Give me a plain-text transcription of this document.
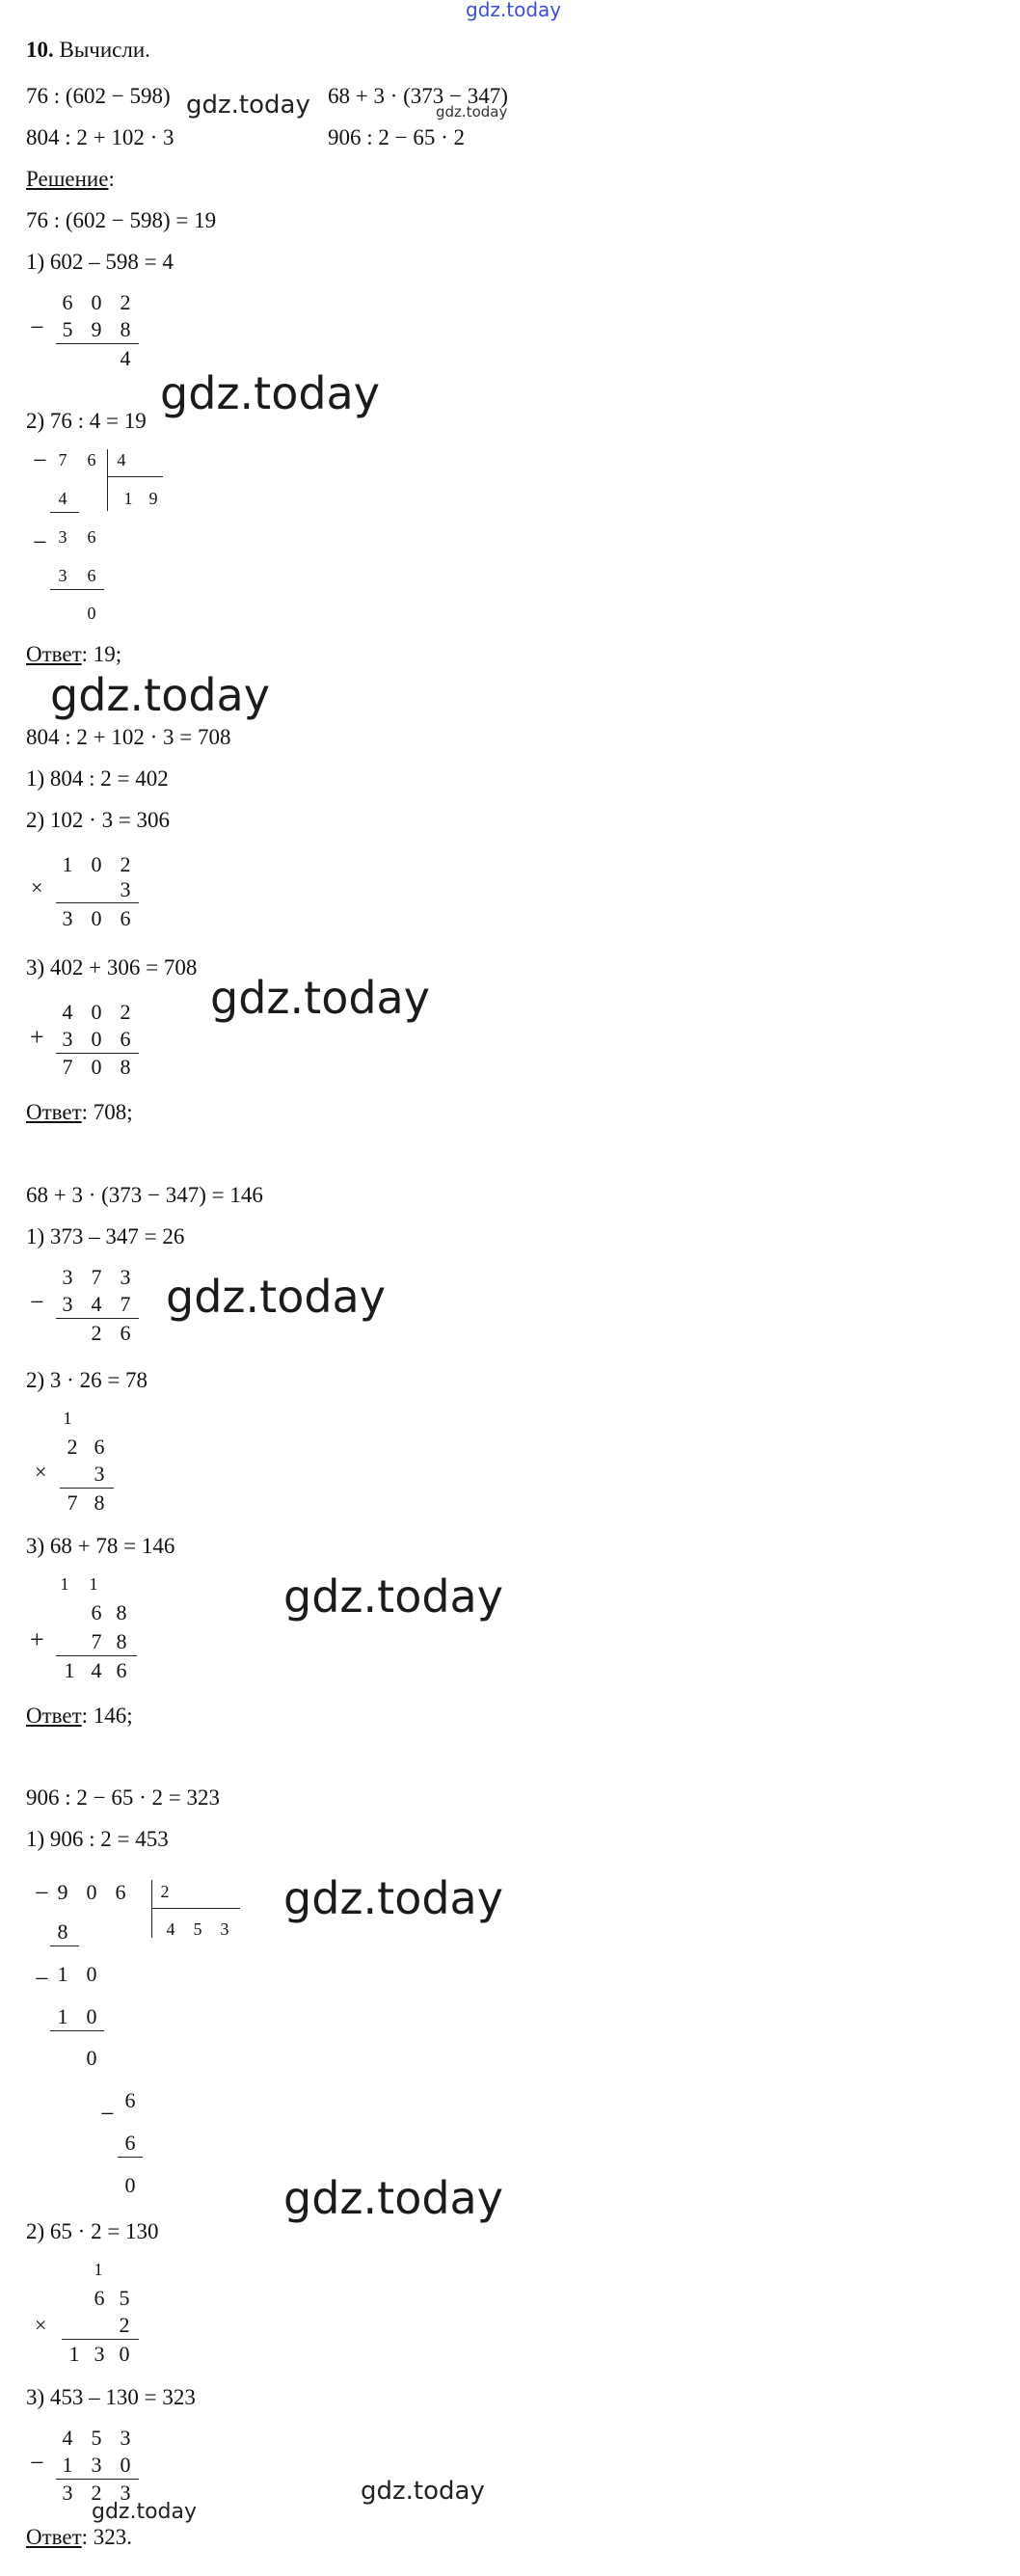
gdz.today
10. Вычисли.
76 : (602 − 598)	68 + 3 · (373 − 347)
804 : 2 + 102 · 3	906 : 2 − 65 · 2
gdz.today	gdz.today
Решение:
76 : (602 − 598) = 19
1) 602 – 598 = 4
6 0 2
− 5 9 8
4
2) 76 : 4 = 19
gdz.today
− 7	6	4
1 9
4
− 3	6
3	6
0
Ответ: 19;
gdz.today
804 : 2 + 102 · 3 = 708
1) 804 : 2 = 402
2) 102 · 3 = 306
1 0 2
×	3
3 0 6
3) 402 + 306 = 708
gdz.today
4 0 2
+ 3 0 6
7 0 8
Ответ: 708;
68 + 3 · (373 − 347) = 146
1) 373 – 347 = 26
3 7 3
− 3 4 7
2 6
gdz.today
2) 3 · 26 = 78
1
2 6
×	3
7 8
3) 68 + 78 = 146
1	1
6 8
+	7 8
1 4 6
gdz.today
Ответ: 146;
906 : 2 − 65 · 2 = 323
1) 906 : 2 = 453
− 9 0 6	2
4	5	3
8
− 1 0
1 0
0
− 6
6
0
gdz.today
gdz.today
2) 65 · 2 = 130
1
6 5
×	2
1 3 0
3) 453 – 130 = 323
4 5 3
− 1 3 0
3 2 3
gdz.today
gdz.today
Ответ: 323.
